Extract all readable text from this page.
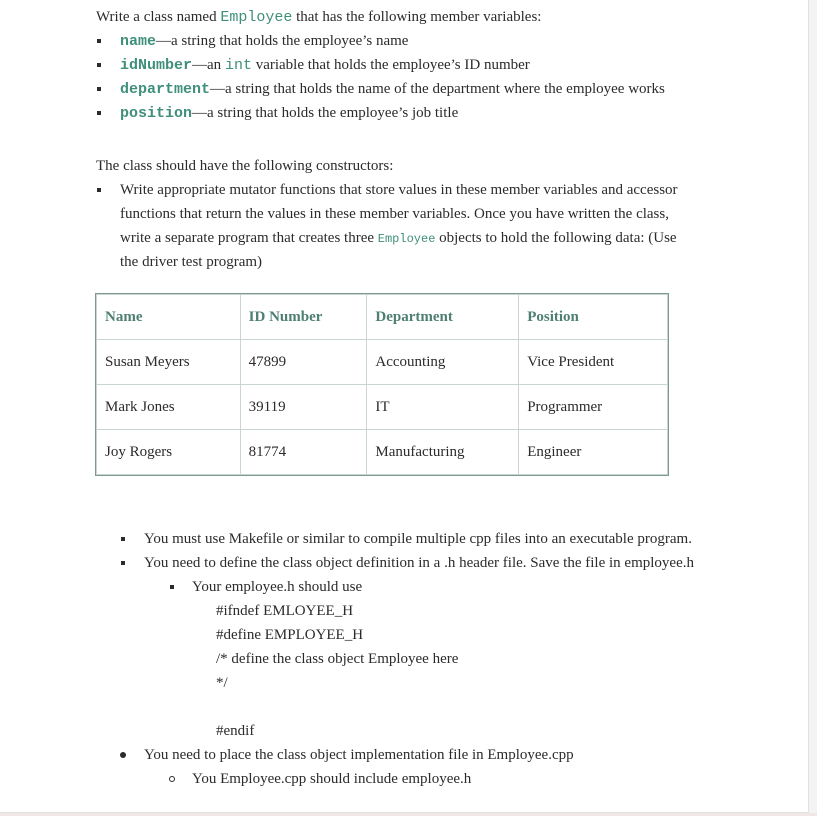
Write a class named Employee that has the following member variables:
name—a string that holds the employee’s name
idNumber—an int variable that holds the employee’s ID number
department—a string that holds the name of the department where the employee works
position—a string that holds the employee’s job title
The class should have the following constructors:
Write appropriate mutator functions that store values in these member variables and accessor
functions that return the values in these member variables. Once you have written the class,
write a separate program that creates three Employee objects to hold the following data: (Use
the driver test program)
Name	ID Number	Department	Position
Susan Meyers	47899	Accounting	Vice President
Mark Jones	39119	IT	Programmer
Joy Rogers	81774	Manufacturing	Engineer
You must use Makefile or similar to compile multiple cpp files into an executable program.
You need to define the class object definition in a .h header file. Save the file in employee.h
Your employee.h should use
#ifndef EMLOYEE_H
#define EMPLOYEE_H
/* define the class object Employee here
*/
#endif
You need to place the class object implementation file in Employee.cpp
You Employee.cpp should include employee.h
